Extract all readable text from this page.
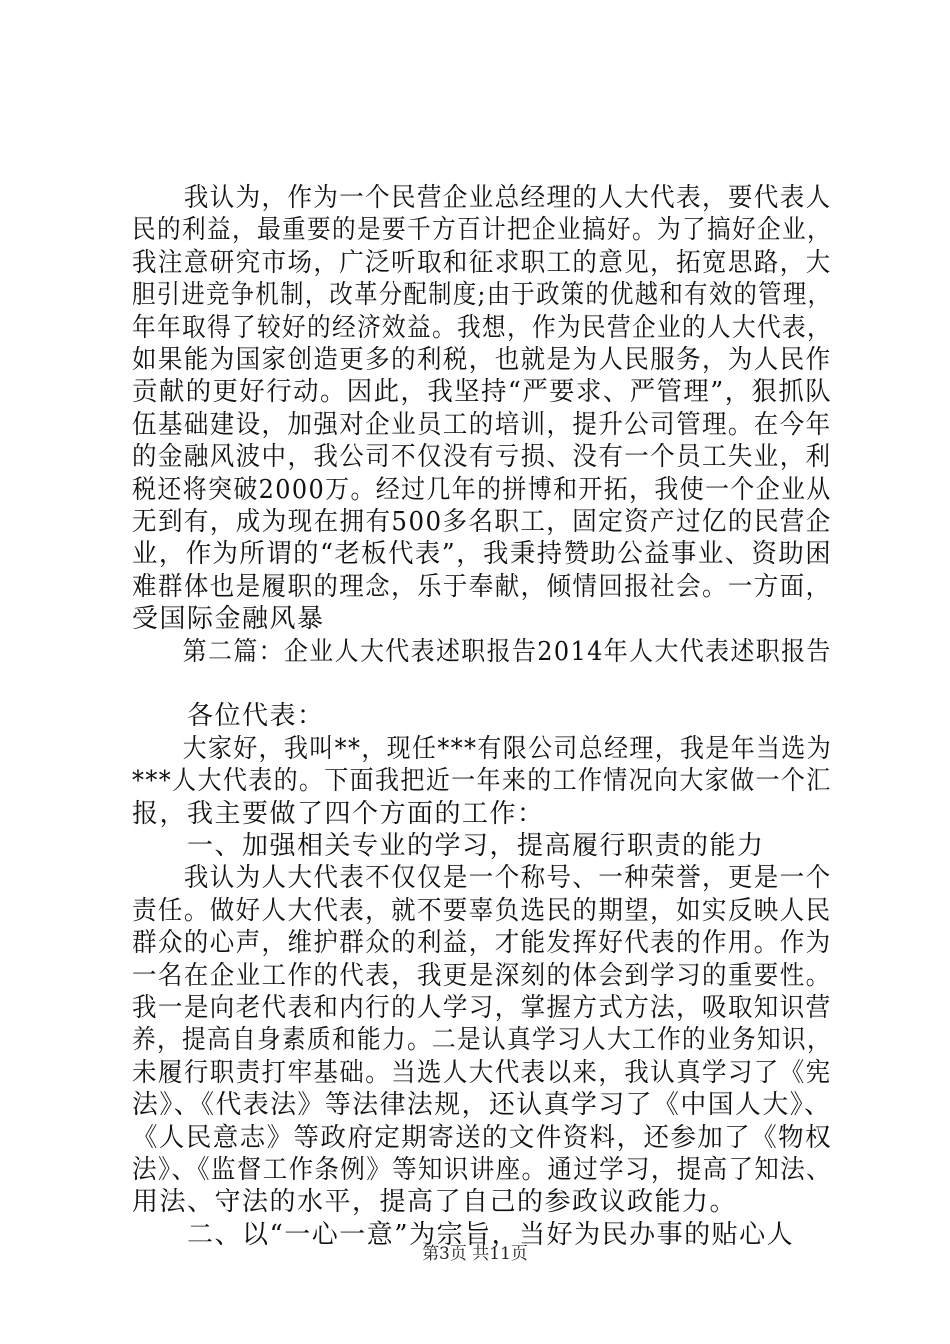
　　我认为，作为一个民营企业总经理的人大代表，要代表人
民的利益，最重要的是要千方百计把企业搞好。为了搞好企业，
我注意研究市场，广泛听取和征求职工的意见，拓宽思路，大
胆引进竞争机制，改革分配制度;由于政策的优越和有效的管理，
年年取得了较好的经济效益。我想，作为民营企业的人大代表，
如果能为国家创造更多的利税，也就是为人民服务，为人民作
贡献的更好行动。因此，我坚持“严要求、严管理”，狠抓队
伍基础建设，加强对企业员工的培训，提升公司管理。在今年
的金融风波中，我公司不仅没有亏损、没有一个员工失业，利
税还将突破2000万。经过几年的拼博和开拓，我使一个企业从
无到有，成为现在拥有500多名职工，固定资产过亿的民营企
业，作为所谓的“老板代表”，我秉持赞助公益事业、资助困
难群体也是履职的理念，乐于奉献，倾情回报社会。一方面，
受国际金融风暴
　　第二篇：企业人大代表述职报告2014年人大代表述职报告
　　各位代表：
　　大家好，我叫**，现任***有限公司总经理，我是年当选为
***人大代表的。下面我把近一年来的工作情况向大家做一个汇
报，我主要做了四个方面的工作：
　　一、加强相关专业的学习，提高履行职责的能力
　　我认为人大代表不仅仅是一个称号、一种荣誉，更是一个
责任。做好人大代表，就不要辜负选民的期望，如实反映人民
群众的心声，维护群众的利益，才能发挥好代表的作用。作为
一名在企业工作的代表，我更是深刻的体会到学习的重要性。
我一是向老代表和内行的人学习，掌握方式方法，吸取知识营
养，提高自身素质和能力。二是认真学习人大工作的业务知识，
未履行职责打牢基础。当选人大代表以来，我认真学习了《宪
法》、《代表法》等法律法规，还认真学习了《中国人大》、
《人民意志》等政府定期寄送的文件资料，还参加了《物权
法》、《监督工作条例》等知识讲座。通过学习，提高了知法、
用法、守法的水平，提高了自己的参政议政能力。
　　二、以“一心一意”为宗旨，当好为民办事的贴心人
第3页 共11页
